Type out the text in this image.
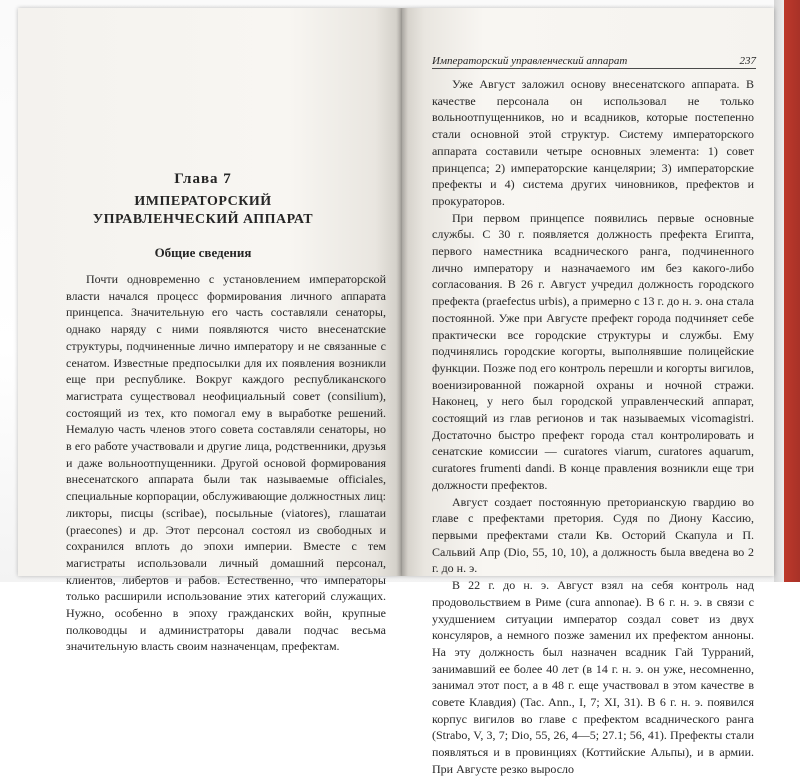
Глава 7
ИМПЕРАТОРСКИЙ
УПРАВЛЕНЧЕСКИЙ АППАРАТ
Общие сведения

Почти одновременно с установлением императорской власти начался процесс формирования личного аппарата принцепса. Значительную его часть составляли сенаторы, однако наряду с ними появляются чисто внесенатские структуры, подчиненные лично императору и не связанные с сенатом. Известные предпосылки для их появления возникли еще при республике. Вокруг каждого республиканского магистрата существовал неофициальный совет (consilium), состоящий из тех, кто помогал ему в выработке решений. Немалую часть членов этого совета составляли сенаторы, но в его работе участвовали и другие лица, родственники, друзья и даже вольноотпущенники. Другой основой формирования внесенатского аппарата были так называемые officiales, специальные корпорации, обслуживающие должностных лиц: ликторы, писцы (scribae), посыльные (viatores), глашатаи (praecones) и др. Этот персонал состоял из свободных и сохранился вплоть до эпохи империи. Вместе с тем магистраты использовали личный домашний персонал, клиентов, либертов и рабов. Естественно, что императоры только расширили использование этих категорий служащих. Нужно, особенно в эпоху гражданских войн, крупные полководцы и администраторы давали подчас весьма значительную власть своим назначенцам, префектам.

Императорский управленческий аппарат	237

Уже Август заложил основу внесенатского аппарата. В качестве персонала он использовал не только вольноотпущенников, но и всадников, которые постепенно стали основной этой структур. Систему императорского аппарата составили четыре основных элемента: 1) совет принцепса; 2) императорские канцелярии; 3) императорские префекты и 4) система других чиновников, префектов и прокураторов.

При первом принцепсе появились первые основные службы. С 30 г. появляется должность префекта Египта, первого наместника всаднического ранга, подчиненного лично императору и назначаемого им без какого-либо согласования. В 26 г. Август учредил должность городского префекта (praefectus urbis), а примерно с 13 г. до н. э. она стала постоянной. Уже при Августе префект города подчиняет себе практически все городские структуры и службы. Ему подчинялись городские когорты, выполнявшие полицейские функции. Позже под его контроль перешли и когорты вигилов, военизированной пожарной охраны и ночной стражи. Наконец, у него был городской управленческий аппарат, состоящий из глав регионов и так называемых vicomagistri. Достаточно быстро префект города стал контролировать и сенатские комиссии — curatores viarum, curatores aquarum, curatores frumenti dandi. В конце правления возникли еще три должности префектов.

Август создает постоянную преторианскую гвардию во главе с префектами претория. Судя по Диону Кассию, первыми префектами стали Кв. Осторий Скапула и П. Сальвий Апр (Dio, 55, 10, 10), а должность была введена во 2 г. до н. э.

В 22 г. до н. э. Август взял на себя контроль над продовольствием в Риме (cura annonae). В 6 г. н. э. в связи с ухудшением ситуации император создал совет из двух консуляров, а немного позже заменил их префектом анноны. На эту должность был назначен всадник Гай Турраний, занимавший ее более 40 лет (в 14 г. н. э. он уже, несомненно, занимал этот пост, а в 48 г. еще участвовал в этом качестве в совете Клавдия) (Tac. Ann., I, 7; XI, 31). В 6 г. н. э. появился корпус вигилов во главе с префектом всаднического ранга (Strabo, V, 3, 7; Dio, 55, 26, 4—5; 27.1; 56, 41). Префекты стали появляться и в провинциях (Коттийские Альпы), и в армии. При Августе резко выросло
